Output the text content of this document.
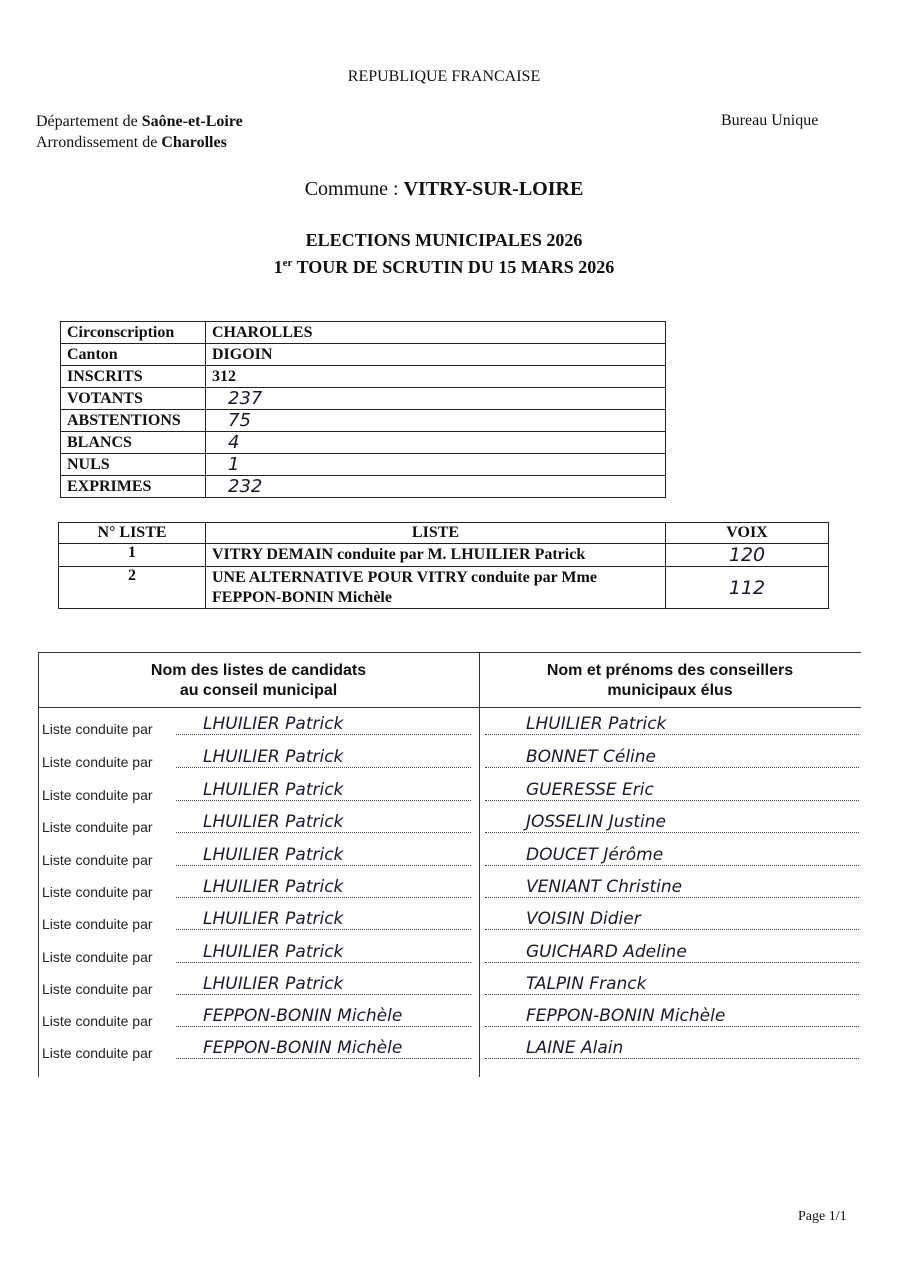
REPUBLIQUE FRANCAISE
Département de Saône-et-Loire
Arrondissement de Charolles
Bureau Unique
Commune : VITRY-SUR-LOIRE
ELECTIONS MUNICIPALES 2026
1er TOUR DE SCRUTIN DU 15 MARS 2026
Circonscription	CHAROLLES
Canton	DIGOIN
INSCRITS	312
VOTANTS	237
ABSTENTIONS	75
BLANCS	4
NULS	1
EXPRIMES	232
N° LISTE	LISTE	VOIX
1	VITRY DEMAIN conduite par M. LHUILIER Patrick	120
2	UNE ALTERNATIVE POUR VITRY conduite par Mme FEPPON-BONIN Michèle	112
Nom des listes de candidats
au conseil municipal
Nom et prénoms des conseillers
municipaux élus
Liste conduite par	LHUILIER Patrick	LHUILIER Patrick
Liste conduite par	LHUILIER Patrick	BONNET Céline
Liste conduite par	LHUILIER Patrick	GUERESSE Eric
Liste conduite par	LHUILIER Patrick	JOSSELIN Justine
Liste conduite par	LHUILIER Patrick	DOUCET Jérôme
Liste conduite par	LHUILIER Patrick	VENIANT Christine
Liste conduite par	LHUILIER Patrick	VOISIN Didier
Liste conduite par	LHUILIER Patrick	GUICHARD Adeline
Liste conduite par	LHUILIER Patrick	TALPIN Franck
Liste conduite par	FEPPON-BONIN Michèle	FEPPON-BONIN Michèle
Liste conduite par	FEPPON-BONIN Michèle	LAINE Alain
Page 1/1
